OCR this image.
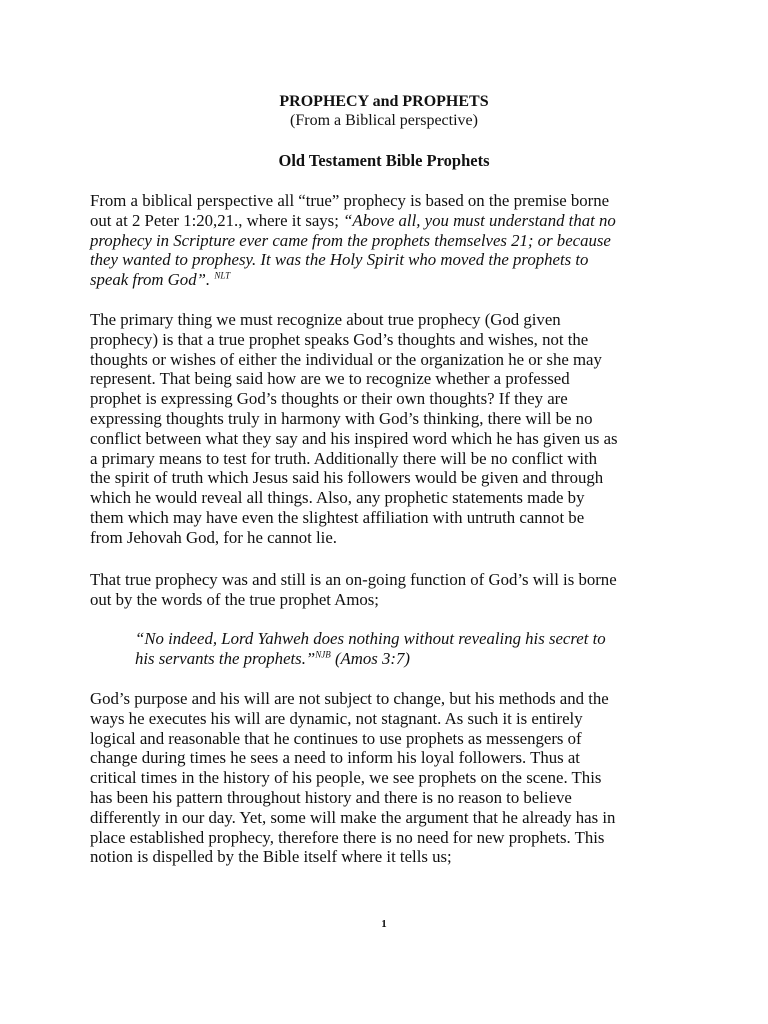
PROPHECY and PROPHETS
(From a Biblical perspective)
Old Testament Bible Prophets
From a biblical perspective all “true” prophecy is based on the premise borne
out at 2 Peter 1:20,21., where it says; “Above all, you must understand that no
prophecy in Scripture ever came from the prophets themselves 21; or because
they wanted to prophesy. It was the Holy Spirit who moved the prophets to
speak from God”. $^{NLT}$
The primary thing we must recognize about true prophecy (God given
prophecy) is that a true prophet speaks God’s thoughts and wishes, not the
thoughts or wishes of either the individual or the organization he or she may
represent. That being said how are we to recognize whether a professed
prophet is expressing God’s thoughts or their own thoughts? If they are
expressing thoughts truly in harmony with God’s thinking, there will be no
conflict between what they say and his inspired word which he has given us as
a primary means to test for truth. Additionally there will be no conflict with
the spirit of truth which Jesus said his followers would be given and through
which he would reveal all things. Also, any prophetic statements made by
them which may have even the slightest affiliation with untruth cannot be
from Jehovah God, for he cannot lie.
That true prophecy was and still is an on-going function of God’s will is borne
out by the words of the true prophet Amos;
“No indeed, Lord Yahweh does nothing without revealing his secret to
his servants the prophets.”$^{NJB}$ (Amos 3:7)
God’s purpose and his will are not subject to change, but his methods and the
ways he executes his will are dynamic, not stagnant. As such it is entirely
logical and reasonable that he continues to use prophets as messengers of
change during times he sees a need to inform his loyal followers. Thus at
critical times in the history of his people, we see prophets on the scene. This
has been his pattern throughout history and there is no reason to believe
differently in our day. Yet, some will make the argument that he already has in
place established prophecy, therefore there is no need for new prophets. This
notion is dispelled by the Bible itself where it tells us;
1
